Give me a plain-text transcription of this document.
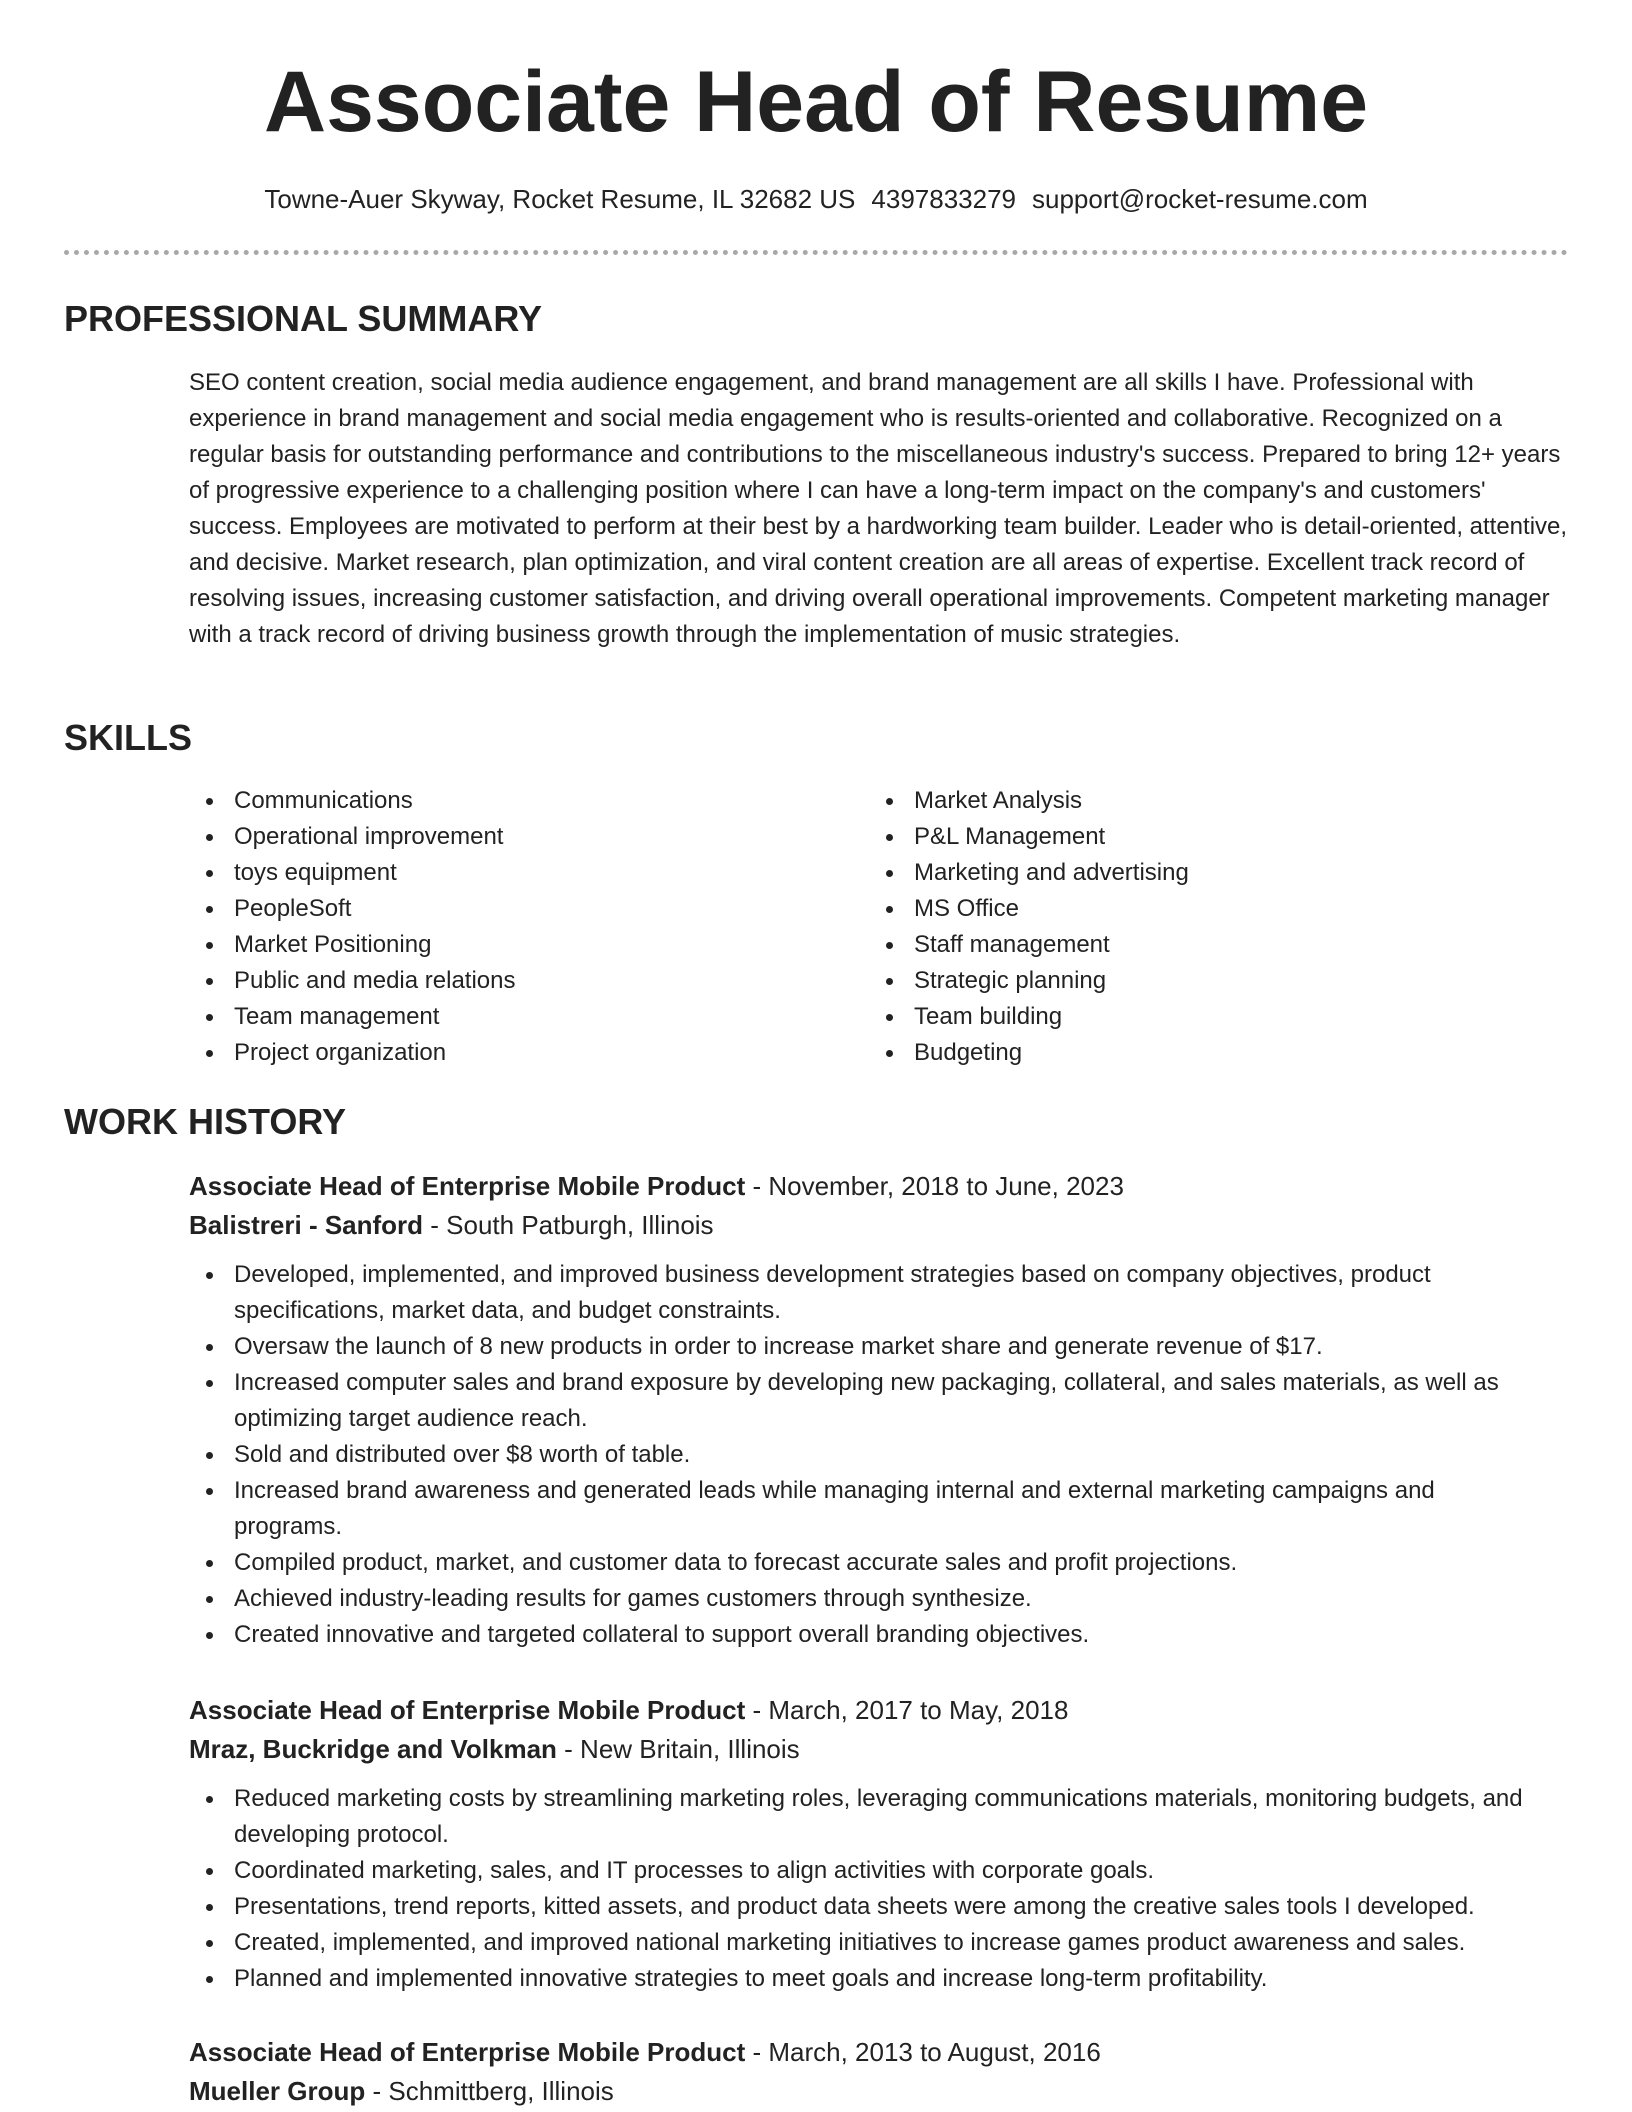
Associate Head of Resume
Towne-Auer Skyway, Rocket Resume, IL 32682 US 4397833279 support@rocket-resume.com
PROFESSIONAL SUMMARY

SEO content creation, social media audience engagement, and brand management are all skills I have. Professional with experience in brand management and social media engagement who is results-oriented and collaborative. Recognized on a regular basis for outstanding performance and contributions to the miscellaneous industry's success. Prepared to bring 12+ years of progressive experience to a challenging position where I can have a long-term impact on the company's and customers' success. Employees are motivated to perform at their best by a hardworking team builder. Leader who is detail-oriented, attentive, and decisive. Market research, plan optimization, and viral content creation are all areas of expertise. Excellent track record of resolving issues, increasing customer satisfaction, and driving overall operational improvements. Competent marketing manager with a track record of driving business growth through the implementation of music strategies.

SKILLS
Communications
Operational improvement
toys equipment
PeopleSoft
Market Positioning
Public and media relations
Team management
Project organization
Market Analysis
P&L Management
Marketing and advertising
MS Office
Staff management
Strategic planning
Team building
Budgeting
WORK HISTORY
Associate Head of Enterprise Mobile Product - November, 2018 to June, 2023
Balistreri - Sanford - South Patburgh, Illinois
Developed, implemented, and improved business development strategies based on company objectives, product specifications, market data, and budget constraints.
Oversaw the launch of 8 new products in order to increase market share and generate revenue of $17.
Increased computer sales and brand exposure by developing new packaging, collateral, and sales materials, as well as optimizing target audience reach.
Sold and distributed over $8 worth of table.
Increased brand awareness and generated leads while managing internal and external marketing campaigns and programs.
Compiled product, market, and customer data to forecast accurate sales and profit projections.
Achieved industry-leading results for games customers through synthesize.
Created innovative and targeted collateral to support overall branding objectives.
Associate Head of Enterprise Mobile Product - March, 2017 to May, 2018
Mraz, Buckridge and Volkman - New Britain, Illinois
Reduced marketing costs by streamlining marketing roles, leveraging communications materials, monitoring budgets, and developing protocol.
Coordinated marketing, sales, and IT processes to align activities with corporate goals.
Presentations, trend reports, kitted assets, and product data sheets were among the creative sales tools I developed.
Created, implemented, and improved national marketing initiatives to increase games product awareness and sales.
Planned and implemented innovative strategies to meet goals and increase long-term profitability.
Associate Head of Enterprise Mobile Product - March, 2013 to August, 2016
Mueller Group - Schmittberg, Illinois
